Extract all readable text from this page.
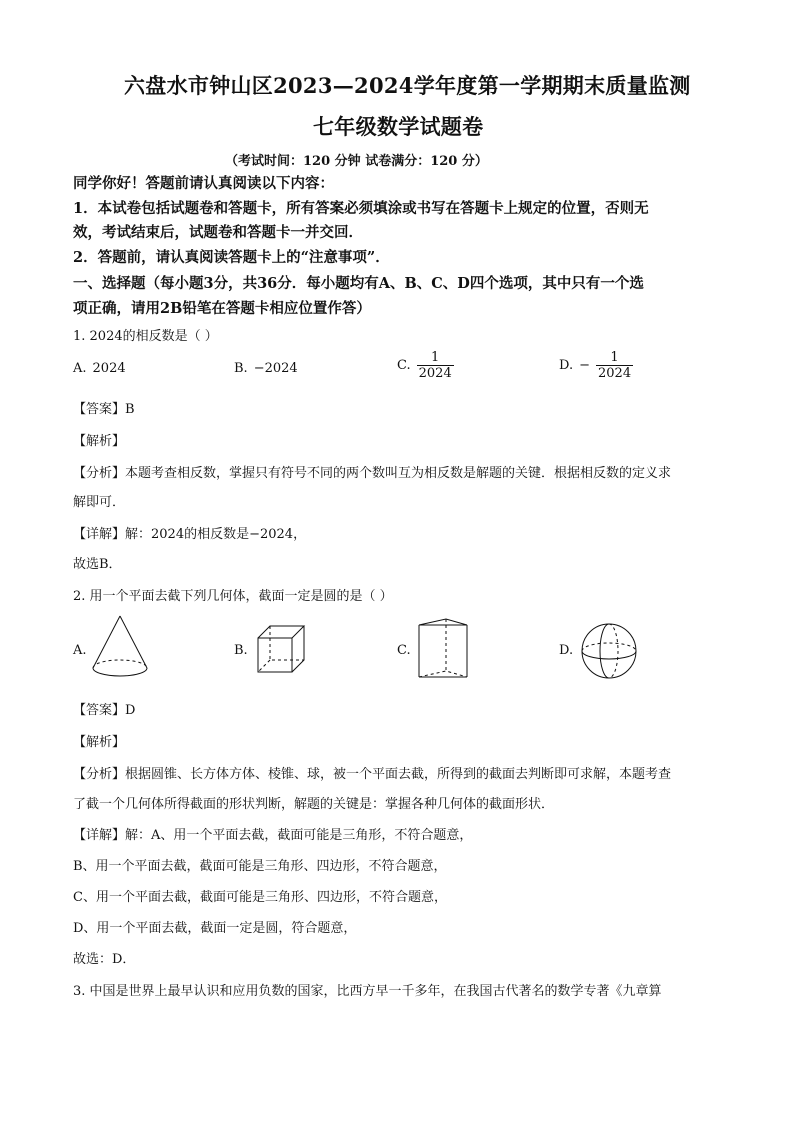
六盘水市钟山区2023—2024学年度第一学期期末质量监测
七年级数学试题卷
（考试时间：120 分钟 试卷满分：120 分）
同学你好！答题前请认真阅读以下内容：
1．本试卷包括试题卷和答题卡，所有答案必须填涂或书写在答题卡上规定的位置，否则无
效，考试结束后，试题卷和答题卡一并交回．
2．答题前，请认真阅读答题卡上的“注意事项”．
一、选择题（每小题3分，共36分．每小题均有A、B、C、D四个选项，其中只有一个选
项正确，请用2B铅笔在答题卡相应位置作答）
1. 2024的相反数是（ ）
A. 2024	B. −2024	C. $\frac{1}{2024}$	D. − $\frac{1}{2024}$
【答案】B
【解析】
【分析】本题考查相反数，掌握只有符号不同的两个数叫互为相反数是解题的关键．根据相反数的定义求
解即可．
【详解】解：2024的相反数是−2024，
故选B．
2. 用一个平面去截下列几何体，截面一定是圆的是（ ）
A.	B.	C.	D.
【答案】D
【解析】
【分析】根据圆锥、长方体方体、棱锥、球，被一个平面去截，所得到的截面去判断即可求解，本题考查
了截一个几何体所得截面的形状判断，解题的关键是：掌握各种几何体的截面形状．
【详解】解：A、用一个平面去截，截面可能是三角形，不符合题意，
B、用一个平面去截，截面可能是三角形、四边形，不符合题意，
C、用一个平面去截，截面可能是三角形、四边形，不符合题意，
D、用一个平面去截，截面一定是圆，符合题意，
故选：D．
3. 中国是世界上最早认识和应用负数的国家，比西方早一千多年，在我国古代著名的数学专著《九章算
